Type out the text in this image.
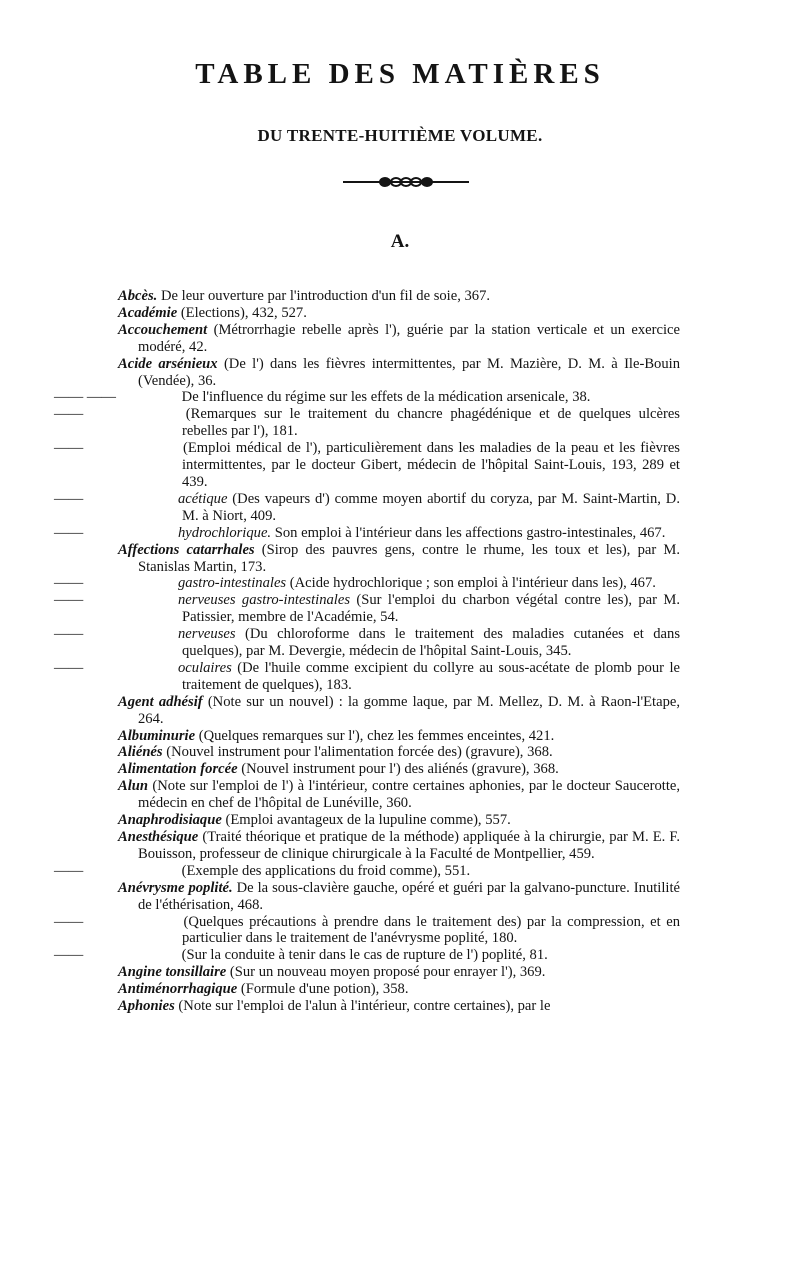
TABLE DES MATIÈRES
DU TRENTE-HUITIÈME VOLUME.
A.
Abcès. De leur ouverture par l'introduction d'un fil de soie, 367.
Académie (Elections), 432, 527.
Accouchement (Métrorrhagie rebelle après l'), guérie par la station verticale et un exercice modéré, 42.
Acide arsénieux (De l') dans les fièvres intermittentes, par M. Mazière, D. M. à Ile-Bouin (Vendée), 36.
—— ——	De l'influence du régime sur les effets de la médication arsenicale, 38.
——	(Remarques sur le traitement du chancre phagédénique et de quelques ulcères rebelles par l'), 181.
——	(Emploi médical de l'), particulièrement dans les maladies de la peau et les fièvres intermittentes, par le docteur Gibert, médecin de l'hôpital Saint-Louis, 193, 289 et 439.
——	acétique (Des vapeurs d') comme moyen abortif du coryza, par M. Saint-Martin, D. M. à Niort, 409.
——	hydrochlorique. Son emploi à l'intérieur dans les affections gastro-intestinales, 467.
Affections catarrhales (Sirop des pauvres gens, contre le rhume, les toux et les), par M. Stanislas Martin, 173.
——	gastro-intestinales (Acide hydrochlorique ; son emploi à l'intérieur dans les), 467.
——	nerveuses gastro-intestinales (Sur l'emploi du charbon végétal contre les), par M. Patissier, membre de l'Académie, 54.
——	nerveuses (Du chloroforme dans le traitement des maladies cutanées et dans quelques), par M. Devergie, médecin de l'hôpital Saint-Louis, 345.
——	oculaires (De l'huile comme excipient du collyre au sous-acétate de plomb pour le traitement de quelques), 183.
Agent adhésif (Note sur un nouvel) : la gomme laque, par M. Mellez, D. M. à Raon-l'Etape, 264.
Albuminurie (Quelques remarques sur l'), chez les femmes enceintes, 421.
Aliénés (Nouvel instrument pour l'alimentation forcée des) (gravure), 368.
Alimentation forcée (Nouvel instrument pour l') des aliénés (gravure), 368.
Alun (Note sur l'emploi de l') à l'intérieur, contre certaines aphonies, par le docteur Saucerotte, médecin en chef de l'hôpital de Lunéville, 360.
Anaphrodisiaque (Emploi avantageux de la lupuline comme), 557.
Anesthésique (Traité théorique et pratique de la méthode) appliquée à la chirurgie, par M. E. F. Bouisson, professeur de clinique chirurgicale à la Faculté de Montpellier, 459.
——	(Exemple des applications du froid comme), 551.
Anévrysme poplité. De la sous-clavière gauche, opéré et guéri par la galvano-puncture. Inutilité de l'éthérisation, 468.
——	(Quelques précautions à prendre dans le traitement des) par la compression, et en particulier dans le traitement de l'anévrysme poplité, 180.
——	(Sur la conduite à tenir dans le cas de rupture de l') poplité, 81.
Angine tonsillaire (Sur un nouveau moyen proposé pour enrayer l'), 369.
Antiménorrhagique (Formule d'une potion), 358.
Aphonies (Note sur l'emploi de l'alun à l'intérieur, contre certaines), par le
